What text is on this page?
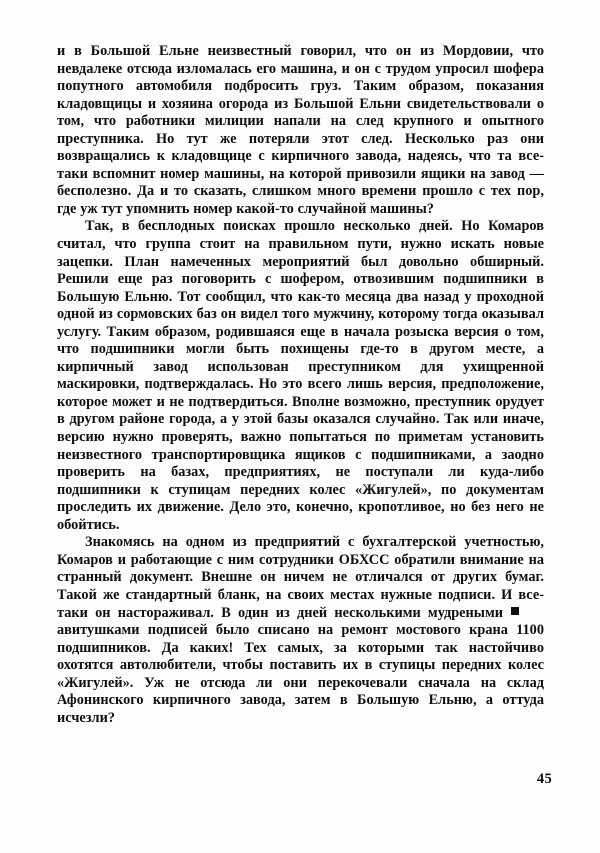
и в Большой Ельне неизвестный говорил, что он из Мордовии, что невдалеке отсюда изломалась его машина, и он с трудом упросил шофера попутного автомобиля подбросить груз. Таким образом, показания кладовщицы и хозяина огорода из Большой Ельни свидетельствовали о том, что работники милиции напали на след крупного и опытного преступника. Но тут же потеряли этот след. Несколько раз они возвращались к кладовщице с кирпичного завода, надеясь, что та все-таки вспомнит номер машины, на которой привозили ящики на завод — бесполезно. Да и то сказать, слишком много времени прошло с тех пор, где уж тут упомнить номер какой-то случайной машины?

Так, в бесплодных поисках прошло несколько дней. Но Комаров считал, что группа стоит на правильном пути, нужно искать новые зацепки. План намеченных мероприятий был довольно обширный. Решили еще раз поговорить с шофером, отвозившим подшипники в Большую Ельню. Тот сообщил, что как-то месяца два назад у проходной одной из сормовских баз он видел того мужчину, которому тогда оказывал услугу. Таким образом, родившаяся еще в начала розыска версия о том, что подшипники могли быть похищены где-то в другом месте, а кирпичный завод использован преступником для ухищренной маскировки, подтверждалась. Но это всего лишь версия, предположение, которое может и не подтвердиться. Вполне возможно, преступник орудует в другом районе города, а у этой базы оказался случайно. Так или иначе, версию нужно проверять, важно попытаться по приметам установить неизвестного транспортировщика ящиков с подшипниками, а заодно проверить на базах, предприятиях, не поступали ли куда-либо подшипники к ступицам передних колес «Жигулей», по документам проследить их движение. Дело это, конечно, кропотливое, но без него не обойтись.

Знакомясь на одном из предприятий с бухгалтерской учетностью, Комаров и работающие с ним сотрудники ОБХСС обратили внимание на странный документ. Внешне он ничем не отличался от других бумаг. Такой же стандартный бланк, на своих местах нужные подписи. И все-таки он настораживал. В один из дней несколькими мудреными авитушками подписей было списано на ремонт мостового крана 1100 подшипников. Да каких! Тех самых, за которыми так настойчиво охотятся автолюбители, чтобы поставить их в ступицы передних колес «Жигулей». Уж не отсюда ли они перекочевали сначала на склад Афонинского кирпичного завода, затем в Большую Ельню, а оттуда исчезли?

45
